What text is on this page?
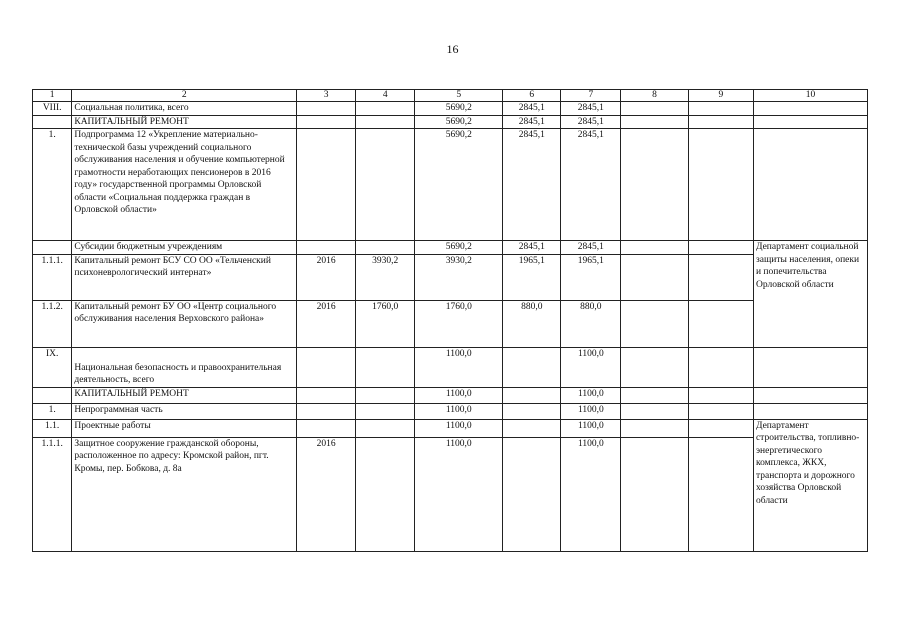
16
1	2	3	4	5	6	7	8	9	10
VIII.	Социальная политика, всего			5690,2	2845,1	2845,1			
	КАПИТАЛЬНЫЙ РЕМОНТ			5690,2	2845,1	2845,1			
1.	Подпрограмма 12 «Укрепление материально-технической базы учреждений социального обслуживания населения и обучение компьютерной грамотности неработающих пенсионеров в 2016 году» государственной программы Орловской области «Социальная поддержка граждан в Орловской области»			5690,2	2845,1	2845,1			
	Субсидии бюджетным учреждениям			5690,2	2845,1	2845,1			Департамент социальной защиты населения, опеки и попечительства Орловской области
1.1.1.	Капитальный ремонт БСУ СО ОО «Тельченский психоневрологический интернат»	2016	3930,2	3930,2	1965,1	1965,1			
1.1.2.	Капитальный ремонт БУ ОО «Центр социального обслуживания населения Верховского района»	2016	1760,0	1760,0	880,0	880,0			
IX.	Национальная безопасность и правоохранительная деятельность, всего			1100,0		1100,0			
	КАПИТАЛЬНЫЙ РЕМОНТ			1100,0		1100,0			
1.	Непрограммная часть			1100,0		1100,0			
1.1.	Проектные работы			1100,0		1100,0			Департамент строительства, топливно-энергетического комплекса, ЖКХ, транспорта и дорожного хозяйства Орловской области
1.1.1.	Защитное сооружение гражданской обороны, расположенное по адресу: Кромской район, пгт. Кромы, пер. Бобкова, д. 8а	2016		1100,0		1100,0			
